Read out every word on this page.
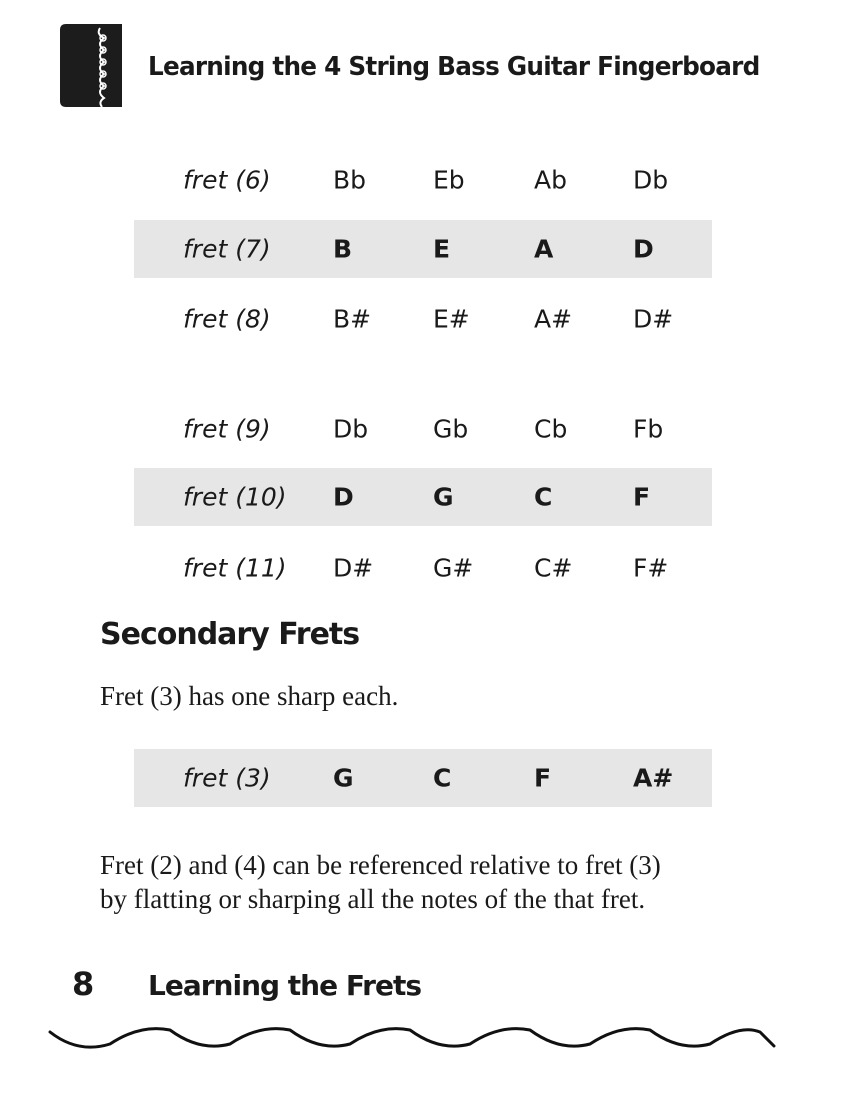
Learning the 4 String Bass Guitar Fingerboard
fret (6) Bb	Eb	Ab	Db
fret (7) B	E	A	D
fret (8) B# E#	A# D#
fret (9) Db	Gb	Cb	Fb
fret (10) D	G	C	F
fret (11) D# G# C# F#
Secondary Frets
Fret (3) has one sharp each.
fret (3) G	C	F	A#
Fret (2) and (4) can be referenced relative to fret (3)
by flatting or sharping all the notes of the that fret.
8 Learning the Frets
